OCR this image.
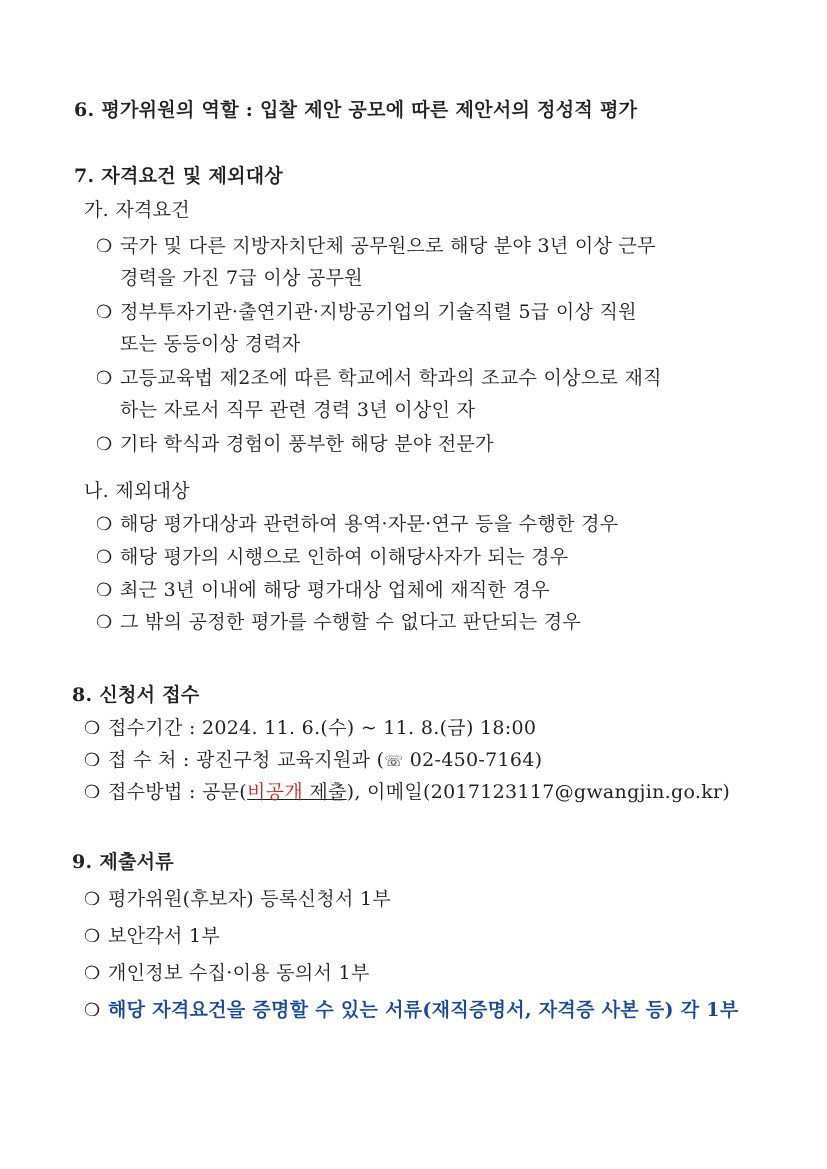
6. 평가위원의 역할 : 입찰 제안 공모에 따른 제안서의 정성적 평가
7. 자격요건 및 제외대상
가. 자격요건
❍ 국가 및 다른 지방자치단체 공무원으로 해당 분야 3년 이상 근무
경력을 가진 7급 이상 공무원
❍ 정부투자기관·출연기관·지방공기업의 기술직렬 5급 이상 직원
또는 동등이상 경력자
❍ 고등교육법 제2조에 따른 학교에서 학과의 조교수 이상으로 재직
하는 자로서 직무 관련 경력 3년 이상인 자
❍ 기타 학식과 경험이 풍부한 해당 분야 전문가
나. 제외대상
❍ 해당 평가대상과 관련하여 용역·자문·연구 등을 수행한 경우
❍ 해당 평가의 시행으로 인하여 이해당사자가 되는 경우
❍ 최근 3년 이내에 해당 평가대상 업체에 재직한 경우
❍ 그 밖의 공정한 평가를 수행할 수 없다고 판단되는 경우
8. 신청서 접수
❍ 접수기간 : 2024. 11. 6.(수) ~ 11. 8.(금) 18:00
❍ 접 수 처 : 광진구청 교육지원과 (☏ 02-450-7164)
❍ 접수방법 : 공문(비공개 제출), 이메일(2017123117@gwangjin.go.kr)
9. 제출서류
❍ 평가위원(후보자) 등록신청서 1부
❍ 보안각서 1부
❍ 개인정보 수집·이용 동의서 1부
❍ 해당 자격요건을 증명할 수 있는 서류(재직증명서, 자격증 사본 등) 각 1부
